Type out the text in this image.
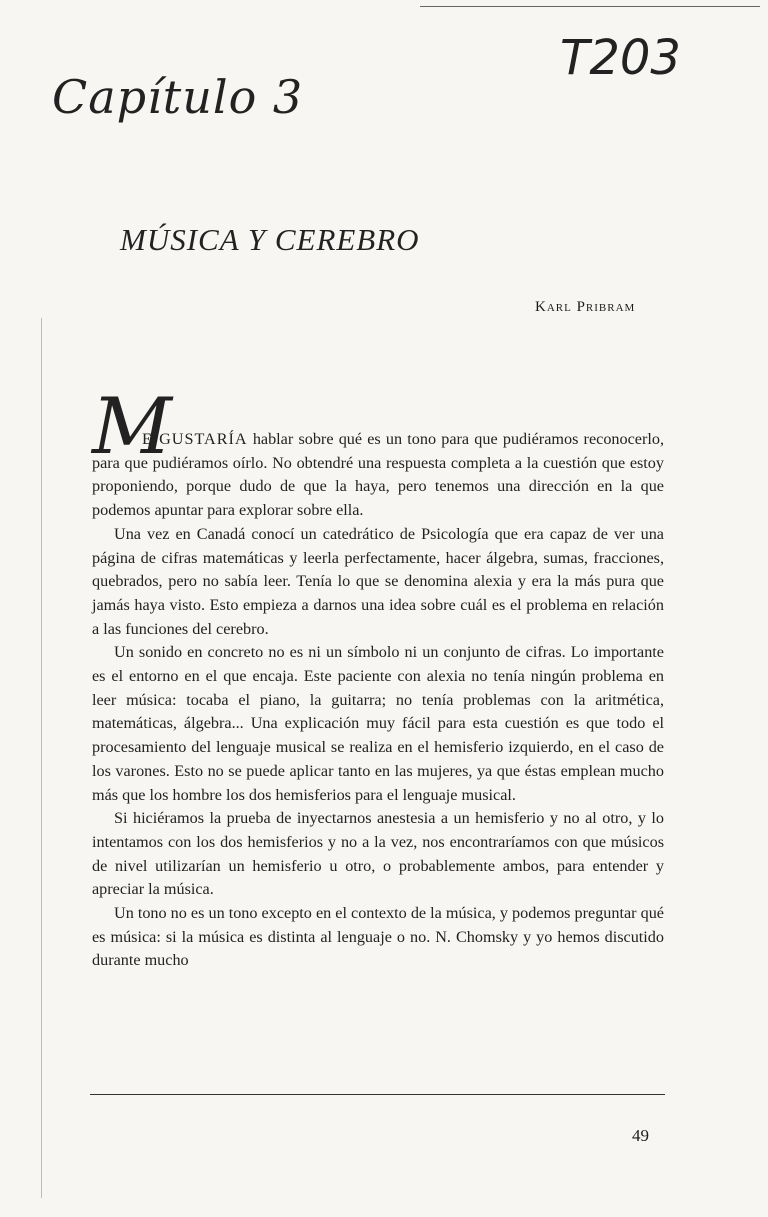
Capítulo 3
T203
MÚSICA Y CEREBRO
Karl Pribram
M

E GUSTARÍA hablar sobre qué es un tono para que pudiéramos reconocerlo, para que pudiéramos oírlo. No obtendré una respuesta completa a la cuestión que estoy proponiendo, porque dudo de que la haya, pero tenemos una dirección en la que podemos apuntar para explorar sobre ella.

Una vez en Canadá conocí un catedrático de Psicología que era capaz de ver una página de cifras matemáticas y leerla perfectamente, hacer álgebra, sumas, fracciones, quebrados, pero no sabía leer. Tenía lo que se denomina alexia y era la más pura que jamás haya visto. Esto empieza a darnos una idea sobre cuál es el problema en relación a las funciones del cerebro.

Un sonido en concreto no es ni un símbolo ni un conjunto de cifras. Lo importante es el entorno en el que encaja. Este paciente con alexia no tenía ningún problema en leer música: tocaba el piano, la guitarra; no tenía problemas con la aritmética, matemáticas, álgebra... Una explicación muy fácil para esta cuestión es que todo el procesamiento del lenguaje musical se realiza en el hemisferio izquierdo, en el caso de los varones. Esto no se puede aplicar tanto en las mujeres, ya que éstas emplean mucho más que los hombre los dos hemisferios para el lenguaje musical.

Si hiciéramos la prueba de inyectarnos anestesia a un hemisferio y no al otro, y lo intentamos con los dos hemisferios y no a la vez, nos encontraríamos con que músicos de nivel utilizarían un hemisferio u otro, o probablemente ambos, para entender y apreciar la música.

Un tono no es un tono excepto en el contexto de la música, y podemos preguntar qué es música: si la música es distinta al lenguaje o no. N. Chomsky y yo hemos discutido durante mucho

49
